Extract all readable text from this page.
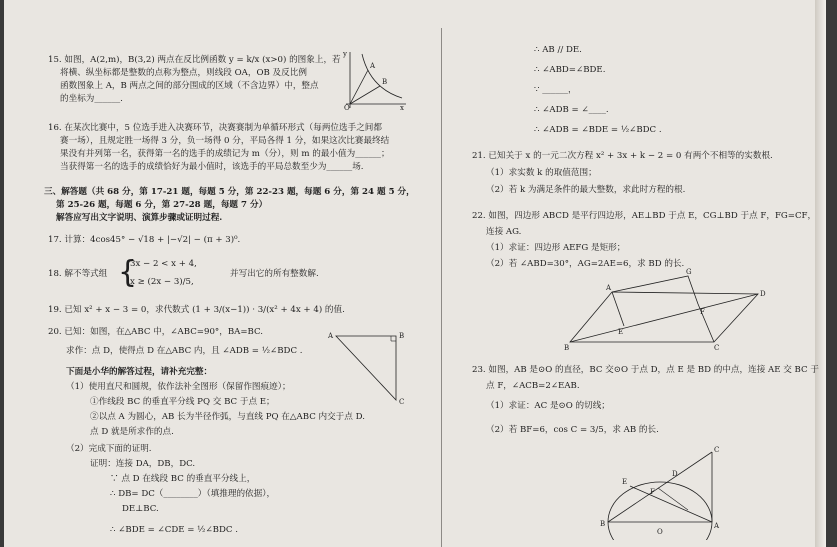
15. 如图，A(2,m)，B(3,2) 两点在反比例函数 y = k/x (x>0) 的图象上，若

将横、纵坐标都是整数的点称为整点，则线段 OA，OB 及反比例

函数图象上 A，B 两点之间的部分围成的区域（不含边界）中，整点

的坐标为______.

y
x
O
A
B

16. 在某次比赛中，5 位选手进入决赛环节，决赛赛制为单循环形式（每两位选手之间都

赛一场），且规定胜一场得 3 分，负一场得 0 分，平局各得 1 分，如果这次比赛最终结

果没有并列第一名，获得第一名的选手的成绩记为 m（分），则 m 的最小值为______；

当获得第一名的选手的成绩恰好为最小值时，该选手的平局总数至少为______场.

三、解答题（共 68 分，第 17-21 题，每题 5 分，第 22-23 题，每题 6 分，第 24 题 5 分，

第 25-26 题，每题 6 分，第 27-28 题，每题 7 分）

解答应写出文字说明、演算步骤或证明过程.

17. 计算：4cos45° − √18 + |−√2| − (π + 3)⁰.

18. 解不等式组 {
3x − 2 < x + 4,
x ≥ (2x − 3)/5,
并写出它的所有整数解.

19. 已知 x² + x − 3 = 0，求代数式 (1 + 3/(x−1)) · 3/(x² + 4x + 4) 的值.

20. 已知：如图，在△ABC 中，∠ABC=90°，BA=BC.

求作：点 D，使得点 D 在△ABC 内，且 ∠ADB = ½∠BDC .

A	B
C

下面是小华的解答过程，请补充完整：

（1）使用直尺和圆规，依作法补全图形（保留作图痕迹）；

①作线段 BC 的垂直平分线 PQ 交 BC 于点 E；

②以点 A 为圆心，AB 长为半径作弧，与直线 PQ 在△ABC 内交于点 D.

点 D 就是所求作的点.

（2）完成下面的证明.

证明：连接 DA，DB，DC.

∵ 点 D 在线段 BC 的垂直平分线上，

∴ DB= DC（________）（填推理的依据），

DE⊥BC.

∴ ∠BDE = ∠CDE = ½∠BDC .

∴ AB // DE.

∴ ∠ABD=∠BDE.

∵ ______，

∴ ∠ADB = ∠____.

∴ ∠ADB = ∠BDE = ½∠BDC .

21. 已知关于 x 的一元二次方程 x² + 3x + k − 2 = 0 有两个不相等的实数根.

（1）求实数 k 的取值范围；

（2）若 k 为满足条件的最大整数，求此时方程的根.

22. 如图，四边形 ABCD 是平行四边形，AE⊥BD 于点 E，CG⊥BD 于点 F，FG=CF，

连接 AG.

（1）求证：四边形 AEFG 是矩形；

（2）若 ∠ABD=30°，AG=2AE=6，求 BD 的长.

A
B	C
D
E
F
G

23. 如图，AB 是⊙O 的直径，BC 交⊙O 于点 D，点 E 是 BD 的中点，连接 AE 交 BC 于

点 F，∠ACB=2∠EAB.

（1）求证：AC 是⊙O 的切线；

（2）若 BF=6，cos C = 3/5，求 AB 的长.

A
B
C
D
E
F
O
